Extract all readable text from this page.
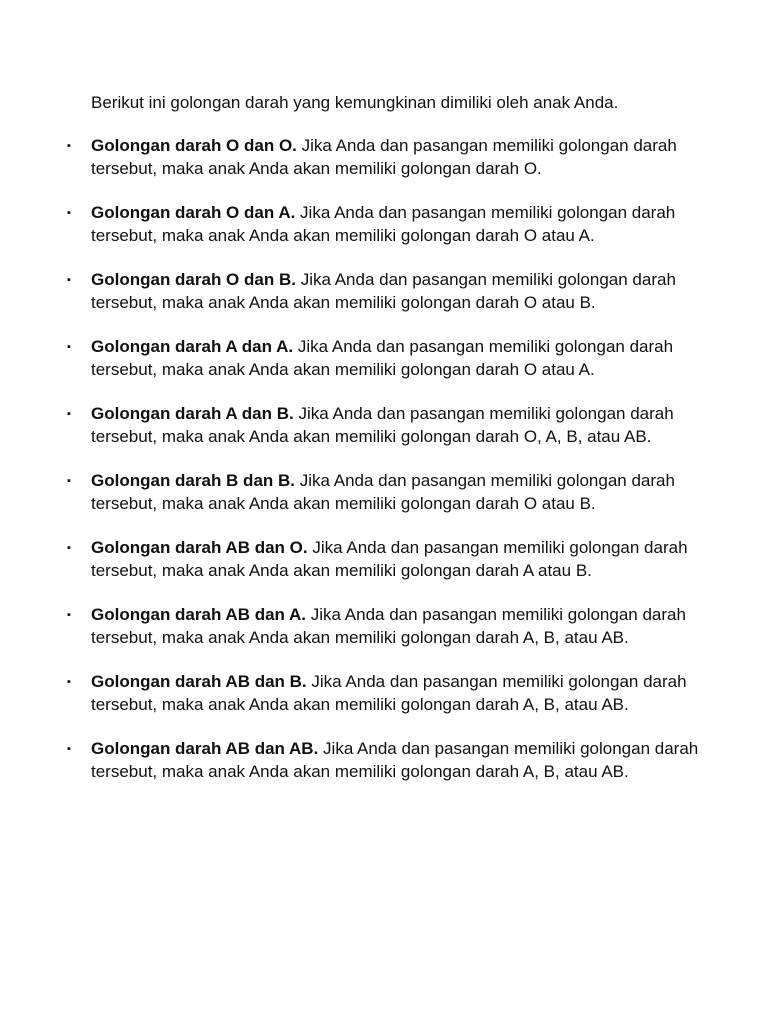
Berikut ini golongan darah yang kemungkinan dimiliki oleh anak Anda.

▪ Golongan darah O dan O. Jika Anda dan pasangan memiliki golongan darah tersebut, maka anak Anda akan memiliki golongan darah O.
▪ Golongan darah O dan A. Jika Anda dan pasangan memiliki golongan darah tersebut, maka anak Anda akan memiliki golongan darah O atau A.
▪ Golongan darah O dan B. Jika Anda dan pasangan memiliki golongan darah tersebut, maka anak Anda akan memiliki golongan darah O atau B.
▪ Golongan darah A dan A. Jika Anda dan pasangan memiliki golongan darah tersebut, maka anak Anda akan memiliki golongan darah O atau A.
▪ Golongan darah A dan B. Jika Anda dan pasangan memiliki golongan darah tersebut, maka anak Anda akan memiliki golongan darah O, A, B, atau AB.
▪ Golongan darah B dan B. Jika Anda dan pasangan memiliki golongan darah tersebut, maka anak Anda akan memiliki golongan darah O atau B.
▪ Golongan darah AB dan O. Jika Anda dan pasangan memiliki golongan darah tersebut, maka anak Anda akan memiliki golongan darah A atau B.
▪ Golongan darah AB dan A. Jika Anda dan pasangan memiliki golongan darah tersebut, maka anak Anda akan memiliki golongan darah A, B, atau AB.
▪ Golongan darah AB dan B. Jika Anda dan pasangan memiliki golongan darah tersebut, maka anak Anda akan memiliki golongan darah A, B, atau AB.
▪ Golongan darah AB dan AB. Jika Anda dan pasangan memiliki golongan darah tersebut, maka anak Anda akan memiliki golongan darah A, B, atau AB.
